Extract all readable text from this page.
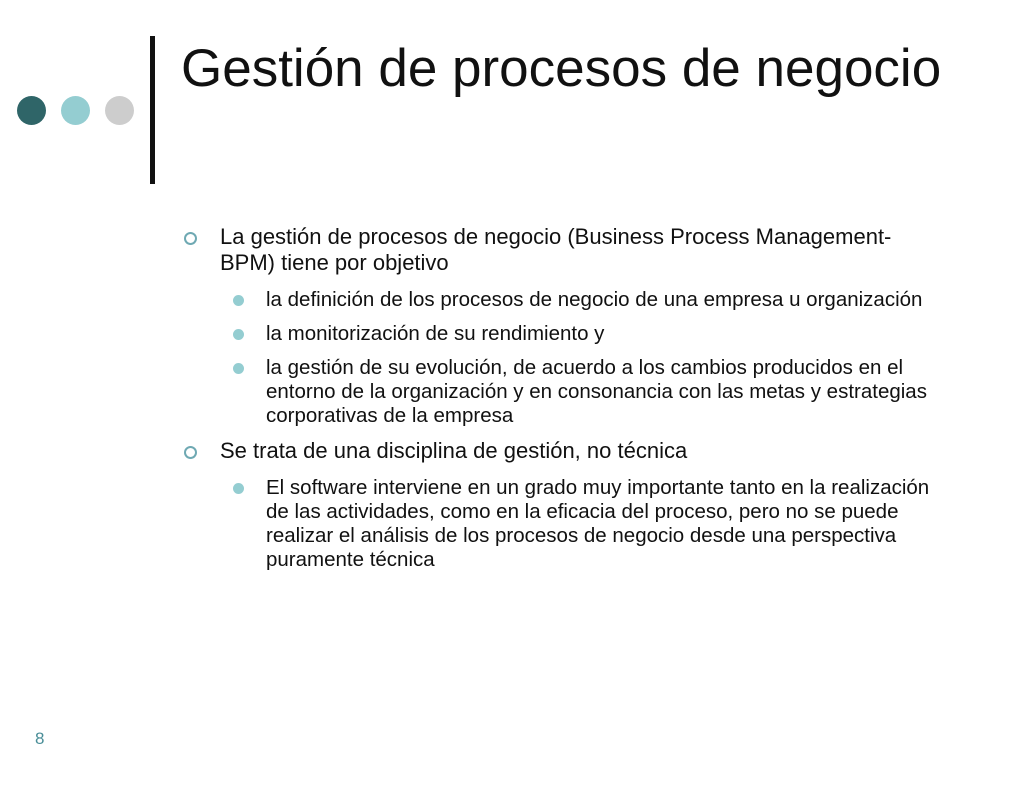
Gestión de procesos de negocio
La gestión de procesos de negocio (Business Process Management- BPM) tiene por objetivo
la definición de los procesos de negocio de una empresa u organización
la monitorización de su rendimiento y
la gestión de su evolución, de acuerdo a los cambios producidos en el entorno de la organización y en consonancia con las metas y estrategias corporativas de la empresa
Se trata de una disciplina de gestión, no técnica
El software interviene en un grado muy importante tanto en la realización de las actividades, como en la eficacia del proceso, pero no se puede realizar el análisis de los procesos de negocio desde una perspectiva puramente técnica
8
